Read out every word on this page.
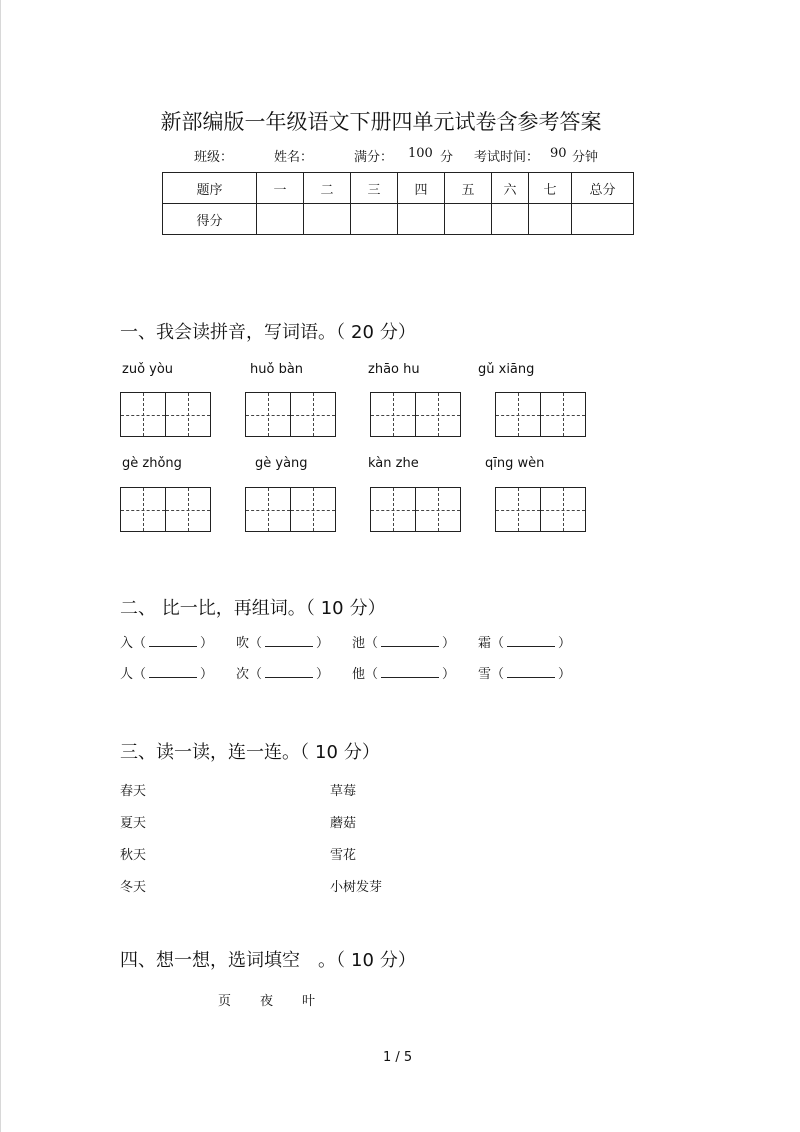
新部编版一年级语文下册四单元试卷含参考答案
班级：	姓名：	满分： 100 分 考试时间： 90 分钟
题序	一	二	三	四	五	六	七	总分
得分								
一、我会读拼音，写词语。（ 20 分）
zuǒ yòu	huǒ bàn	zhāo hu	gǔ xiāng
gè zhǒng	gè yàng	kàn zhe	qīng wèn
二、 比一比，再组词。（ 10 分）
入（	） 吹（	） 池（	） 霜（	）
人（	） 次（	） 他（	） 雪（	）
三、读一读，连一连。（ 10 分）
春天
夏天
秋天
冬天
草莓
蘑菇
雪花
小树发芽
四、想一想，选词填空 。（ 10 分）
页 夜 叶
1 / 5
